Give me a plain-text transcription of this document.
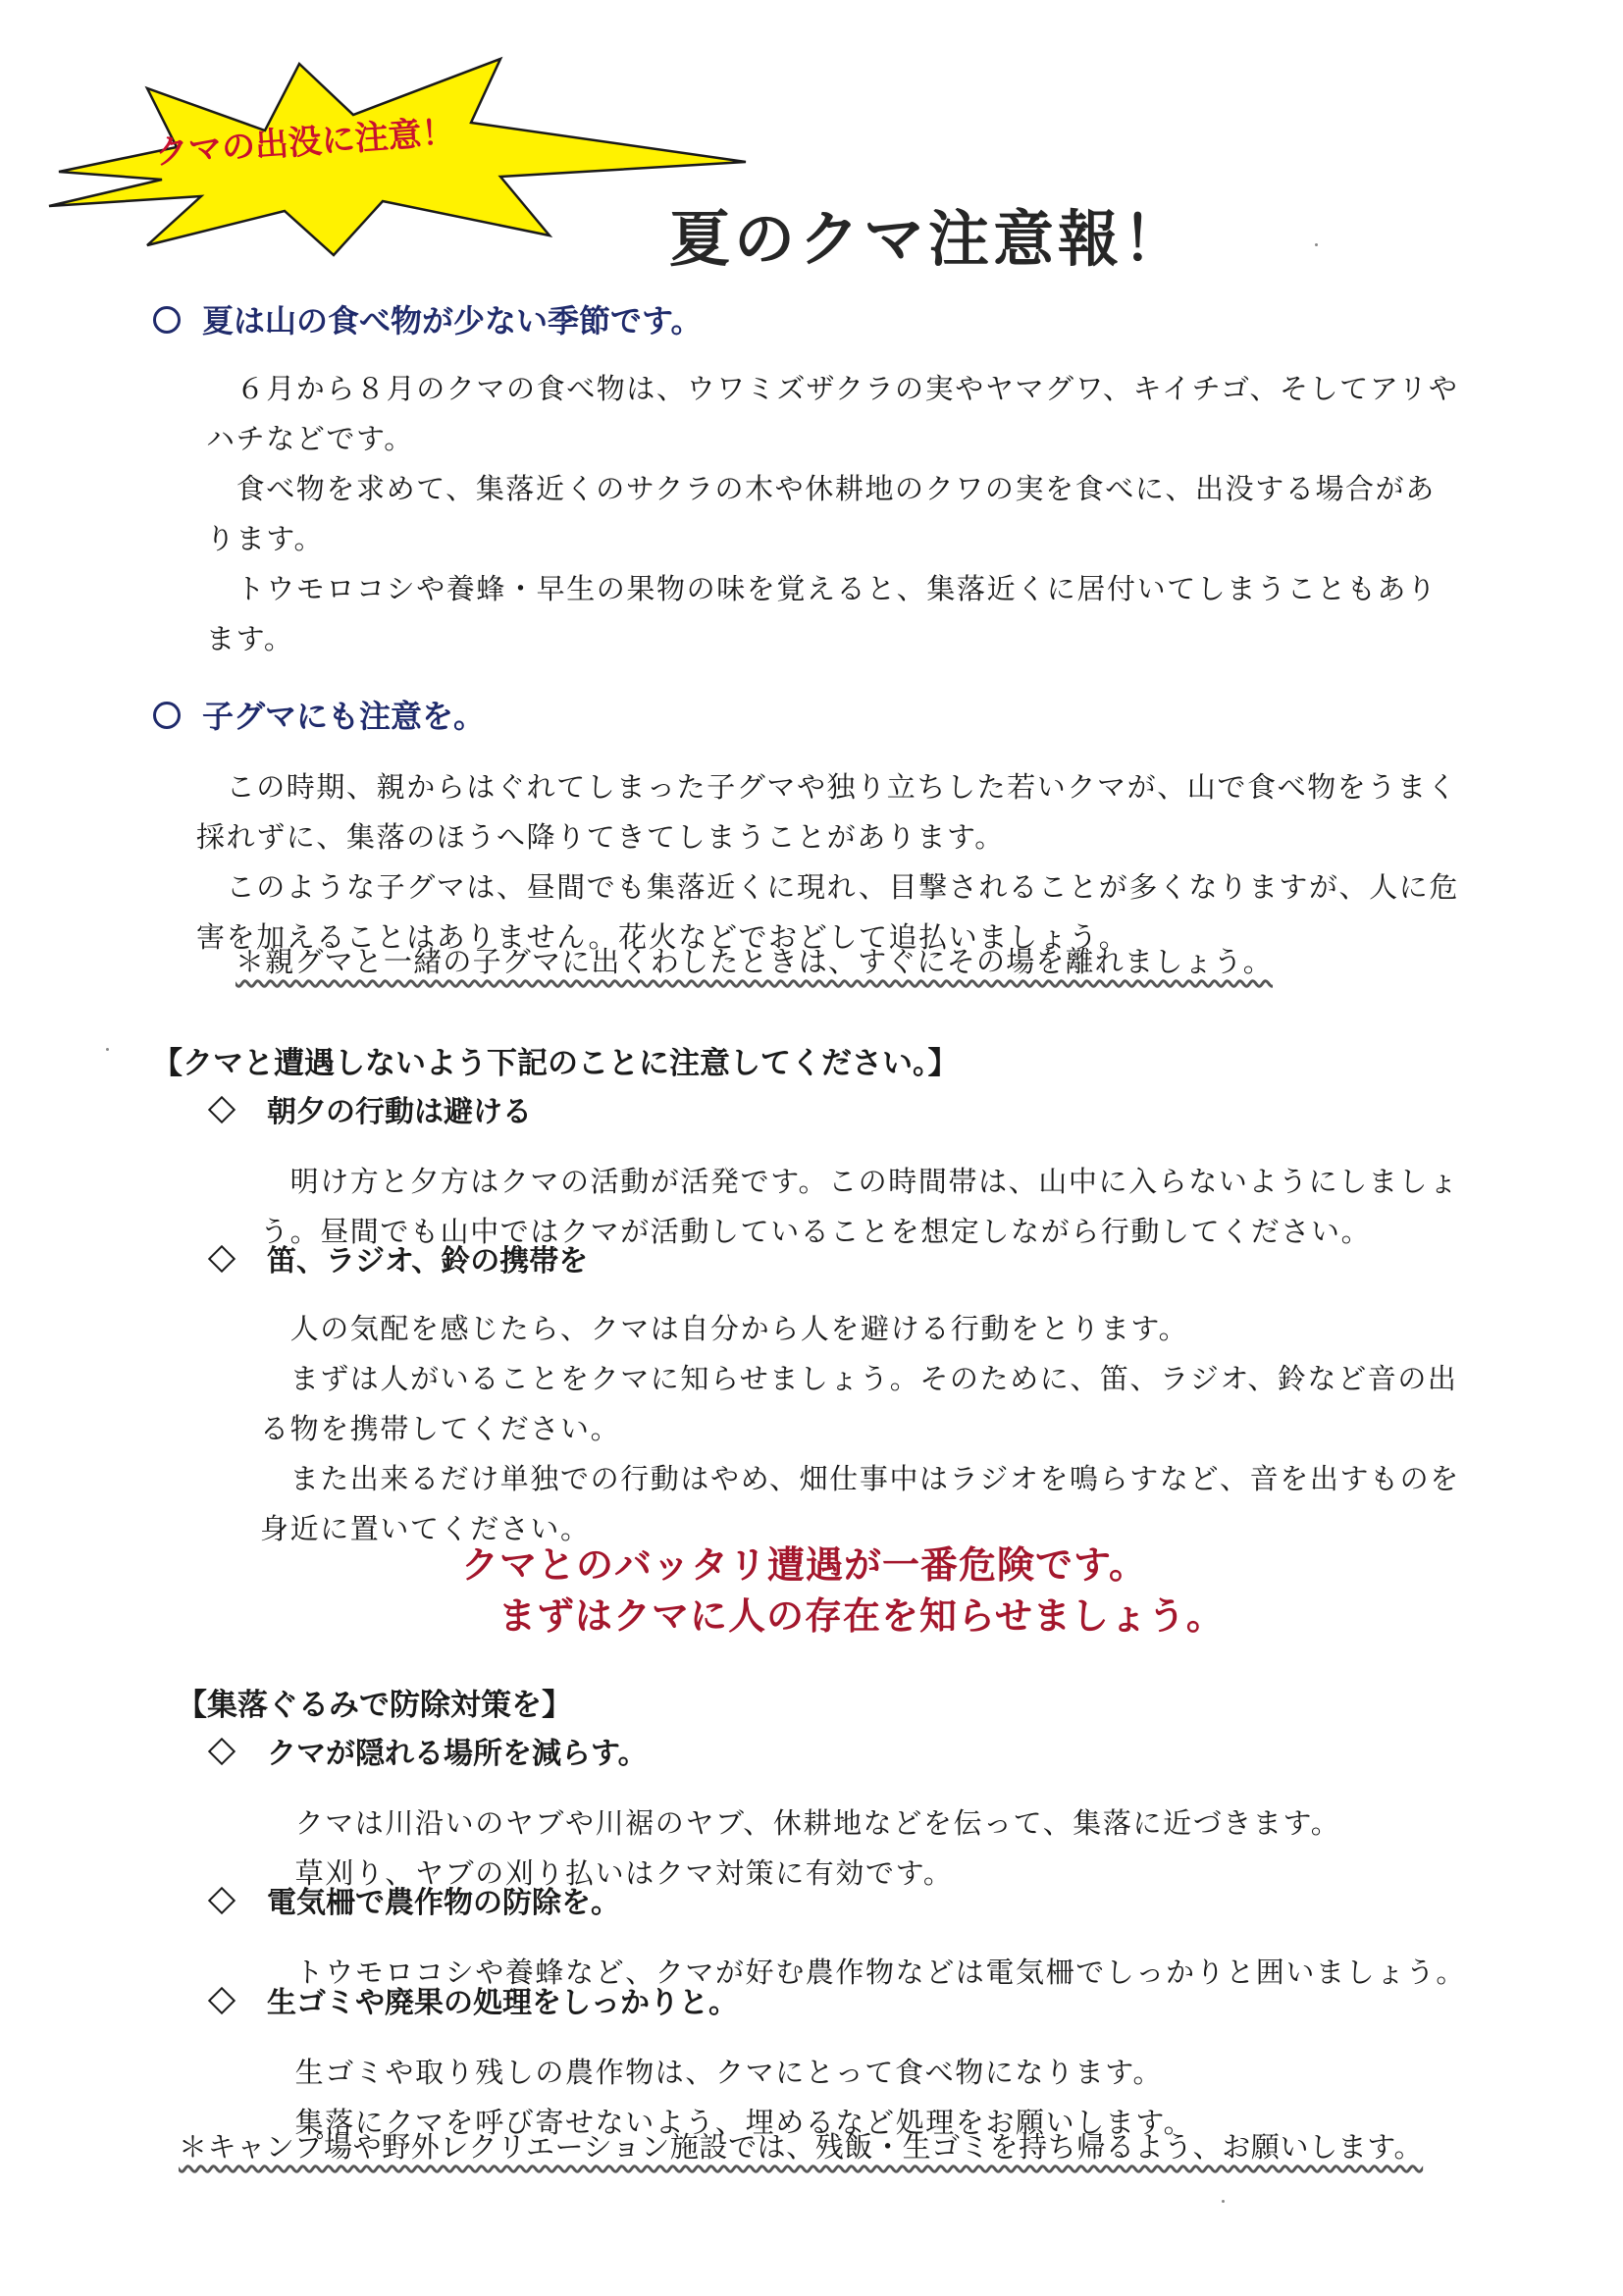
クマの出没に注意！
夏のクマ注意報！
夏は山の食べ物が少ない季節です。

　６月から８月のクマの食べ物は、ウワミズザクラの実やヤマグワ、キイチゴ、そしてアリやハチなどです。

　食べ物を求めて、集落近くのサクラの木や休耕地のクワの実を食べに、出没する場合があります。

　トウモロコシや養蜂・早生の果物の味を覚えると、集落近くに居付いてしまうこともあります。

子グマにも注意を。

　この時期、親からはぐれてしまった子グマや独り立ちした若いクマが、山で食べ物をうまく採れずに、集落のほうへ降りてきてしまうことがあります。

　このような子グマは、昼間でも集落近くに現れ、目撃されることが多くなりますが、人に危害を加えることはありません。花火などでおどして追払いましょう。

＊親グマと一緒の子グマに出くわしたときは、すぐにその場を離れましょう。
【クマと遭遇しないよう下記のことに注意してください。】
朝夕の行動は避ける

　明け方と夕方はクマの活動が活発です。この時間帯は、山中に入らないようにしましょう。昼間でも山中ではクマが活動していることを想定しながら行動してください。

笛、ラジオ、鈴の携帯を

　人の気配を感じたら、クマは自分から人を避ける行動をとります。

　まずは人がいることをクマに知らせましょう。そのために、笛、ラジオ、鈴など音の出る物を携帯してください。

　また出来るだけ単独での行動はやめ、畑仕事中はラジオを鳴らすなど、音を出すものを身近に置いてください。

クマとのバッタリ遭遇が一番危険です。
まずはクマに人の存在を知らせましょう。
【集落ぐるみで防除対策を】
クマが隠れる場所を減らす。

　クマは川沿いのヤブや川裾のヤブ、休耕地などを伝って、集落に近づきます。

　草刈り、ヤブの刈り払いはクマ対策に有効です。

電気柵で農作物の防除を。

　トウモロコシや養蜂など、クマが好む農作物などは電気柵でしっかりと囲いましょう。

生ゴミや廃果の処理をしっかりと。

　生ゴミや取り残しの農作物は、クマにとって食べ物になります。

　集落にクマを呼び寄せないよう、埋めるなど処理をお願いします。

＊キャンプ場や野外レクリエーション施設では、残飯・生ゴミを持ち帰るよう、お願いします。
